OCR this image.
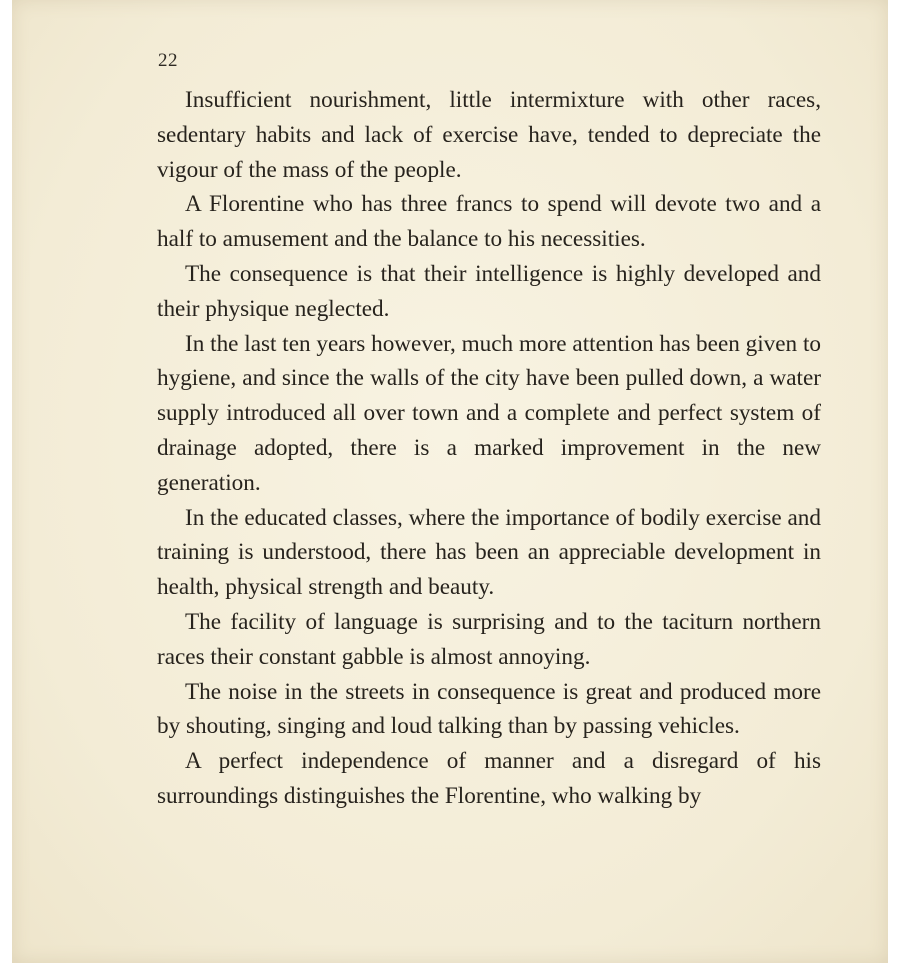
22

Insufficient nourishment, little intermixture with other races, sedentary habits and lack of exercise have, tended to depreciate the vigour of the mass of the people.

A Florentine who has three francs to spend will devote two and a half to amusement and the balance to his necessities.

The consequence is that their intelligence is highly developed and their physique neglected.

In the last ten years however, much more attention has been given to hygiene, and since the walls of the city have been pulled down, a water supply introduced all over town and a complete and perfect system of drainage adopted, there is a marked improvement in the new generation.

In the educated classes, where the importance of bodily exercise and training is understood, there has been an appreciable development in health, physical strength and beauty.

The facility of language is surprising and to the taciturn northern races their constant gabble is almost annoying.

The noise in the streets in consequence is great and produced more by shouting, singing and loud talking than by passing vehicles.

A perfect independence of manner and a disregard of his surroundings distinguishes the Florentine, who walking by
